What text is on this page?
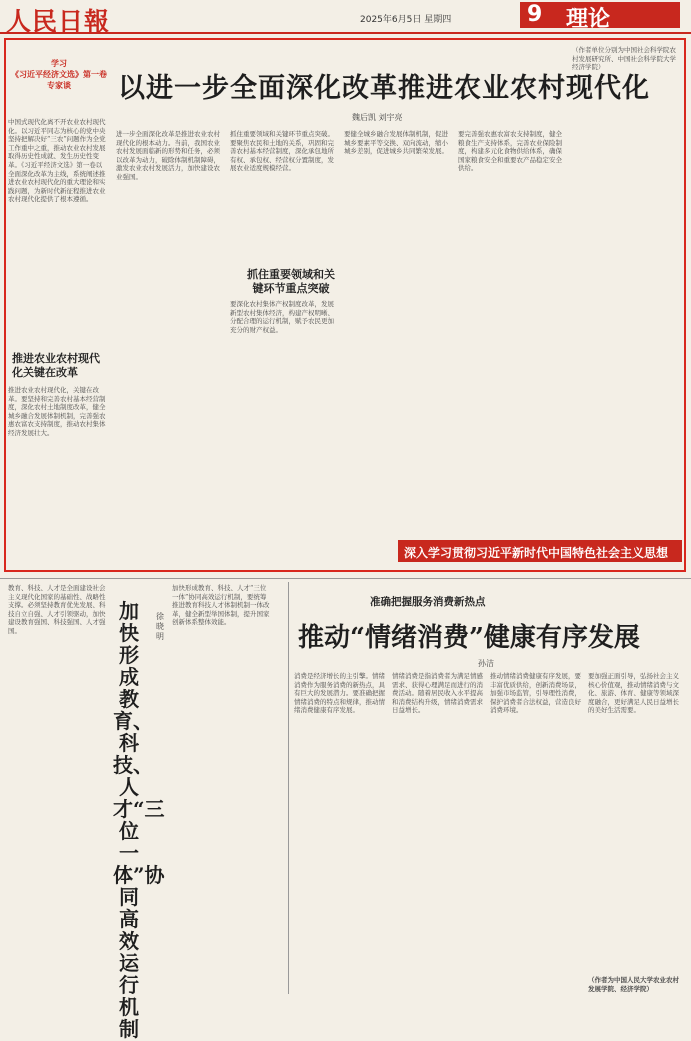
人民日報	2025年6月5日 星期四	9 理论
学习
《习近平经济文选》第一卷
专家谈	以进一步全面深化改革推进农业农村现代化
魏后凯 刘宇亮
中国式现代化离不开农业农村现代化。以习近平同志为核心的党中央坚持把解决好“三农”问题作为全党工作重中之重，推动农业农村发展取得历史性成就、发生历史性变革。《习近平经济文选》第一卷以全面深化改革为主线，系统阐述推进农业农村现代化的重大理论和实践问题，为新时代新征程推进农业农村现代化提供了根本遵循。
推进农业农村现代化关键在改革
推进农业农村现代化，关键在改革。要坚持和完善农村基本经营制度，深化农村土地制度改革，健全城乡融合发展体制机制，完善强农惠农富农支持制度，推动农村集体经济发展壮大。
进一步全面深化改革是推进农业农村现代化的根本动力。当前，我国农业农村发展面临新的形势和任务，必须以改革为动力，破除体制机制障碍，激发农业农村发展活力，加快建设农业强国。
抓住重要领域和关键环节重点突破。要聚焦农民和土地的关系，巩固和完善农村基本经营制度，深化承包地所有权、承包权、经营权分置制度，发展农业适度规模经营。
抓住重要领域和关键环节重点突破
要深化农村集体产权制度改革，发展新型农村集体经济，构建产权明晰、分配合理的运行机制，赋予农民更加充分的财产权益。
要健全城乡融合发展体制机制，促进城乡要素平等交换、双向流动，缩小城乡差别，促进城乡共同繁荣发展。
要完善强农惠农富农支持制度，健全粮食生产支持体系，完善农业保险制度，构建多元化食物供给体系，确保国家粮食安全和重要农产品稳定安全供给。
（作者单位分别为中国社会科学院农村发展研究所、中国社会科学院大学经济学院）
深入学习贯彻习近平新时代中国特色社会主义思想
教育、科技、人才是全面建设社会主义现代化国家的基础性、战略性支撑。必须坚持教育优先发展、科技自立自强、人才引领驱动，加快建设教育强国、科技强国、人才强国。
加快形成教育、科技、人才“三位一体”协同高效运行机制
徐晓明
加快形成教育、科技、人才“三位一体”协同高效运行机制，要统筹推进教育科技人才体制机制一体改革，健全新型举国体制，提升国家创新体系整体效能。
准确把握服务消费新热点
推动“情绪消费”健康有序发展
孙洁
消费是经济增长的主引擎。情绪消费作为服务消费的新热点，具有巨大的发展潜力。要准确把握情绪消费的特点和规律，推动情绪消费健康有序发展。
情绪消费是指消费者为满足情感需求、获得心理满足而进行的消费活动。随着居民收入水平提高和消费结构升级，情绪消费需求日益增长。
推动情绪消费健康有序发展，要丰富优质供给，创新消费场景，加强市场监管，引导理性消费，保护消费者合法权益，营造良好消费环境。
要加强正面引导，弘扬社会主义核心价值观，推动情绪消费与文化、旅游、体育、健康等领域深度融合，更好满足人民日益增长的美好生活需要。
（作者为中国人民大学农业农村发展学院、经济学院）
